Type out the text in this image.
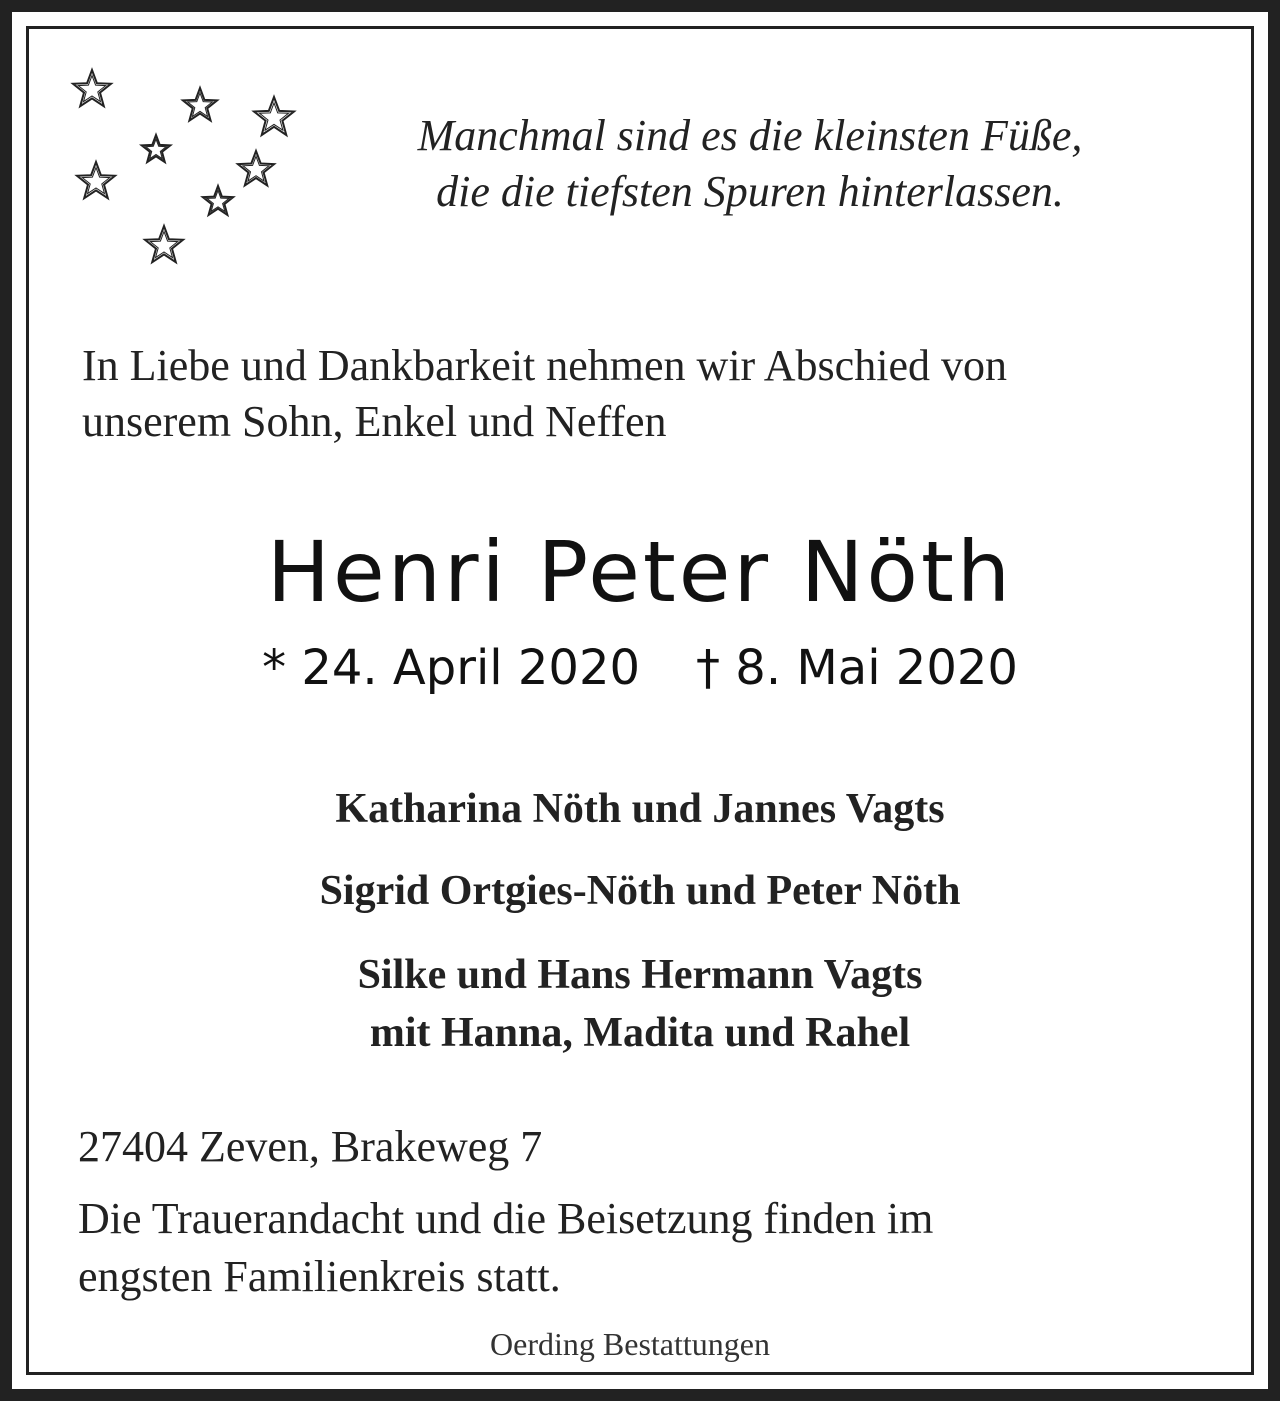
Manchmal sind es die kleinsten Füße,
die die tiefsten Spuren hinterlassen.
In Liebe und Dankbarkeit nehmen wir Abschied von
unserem Sohn, Enkel und Neffen
Henri Peter Nöth
* 24. April 2020 † 8. Mai 2020
Katharina Nöth und Jannes Vagts
Sigrid Ortgies-Nöth und Peter Nöth
Silke und Hans Hermann Vagts
mit Hanna, Madita und Rahel
27404 Zeven, Brakeweg 7
Die Trauerandacht und die Beisetzung finden im
engsten Familienkreis statt.
Oerding Bestattungen
